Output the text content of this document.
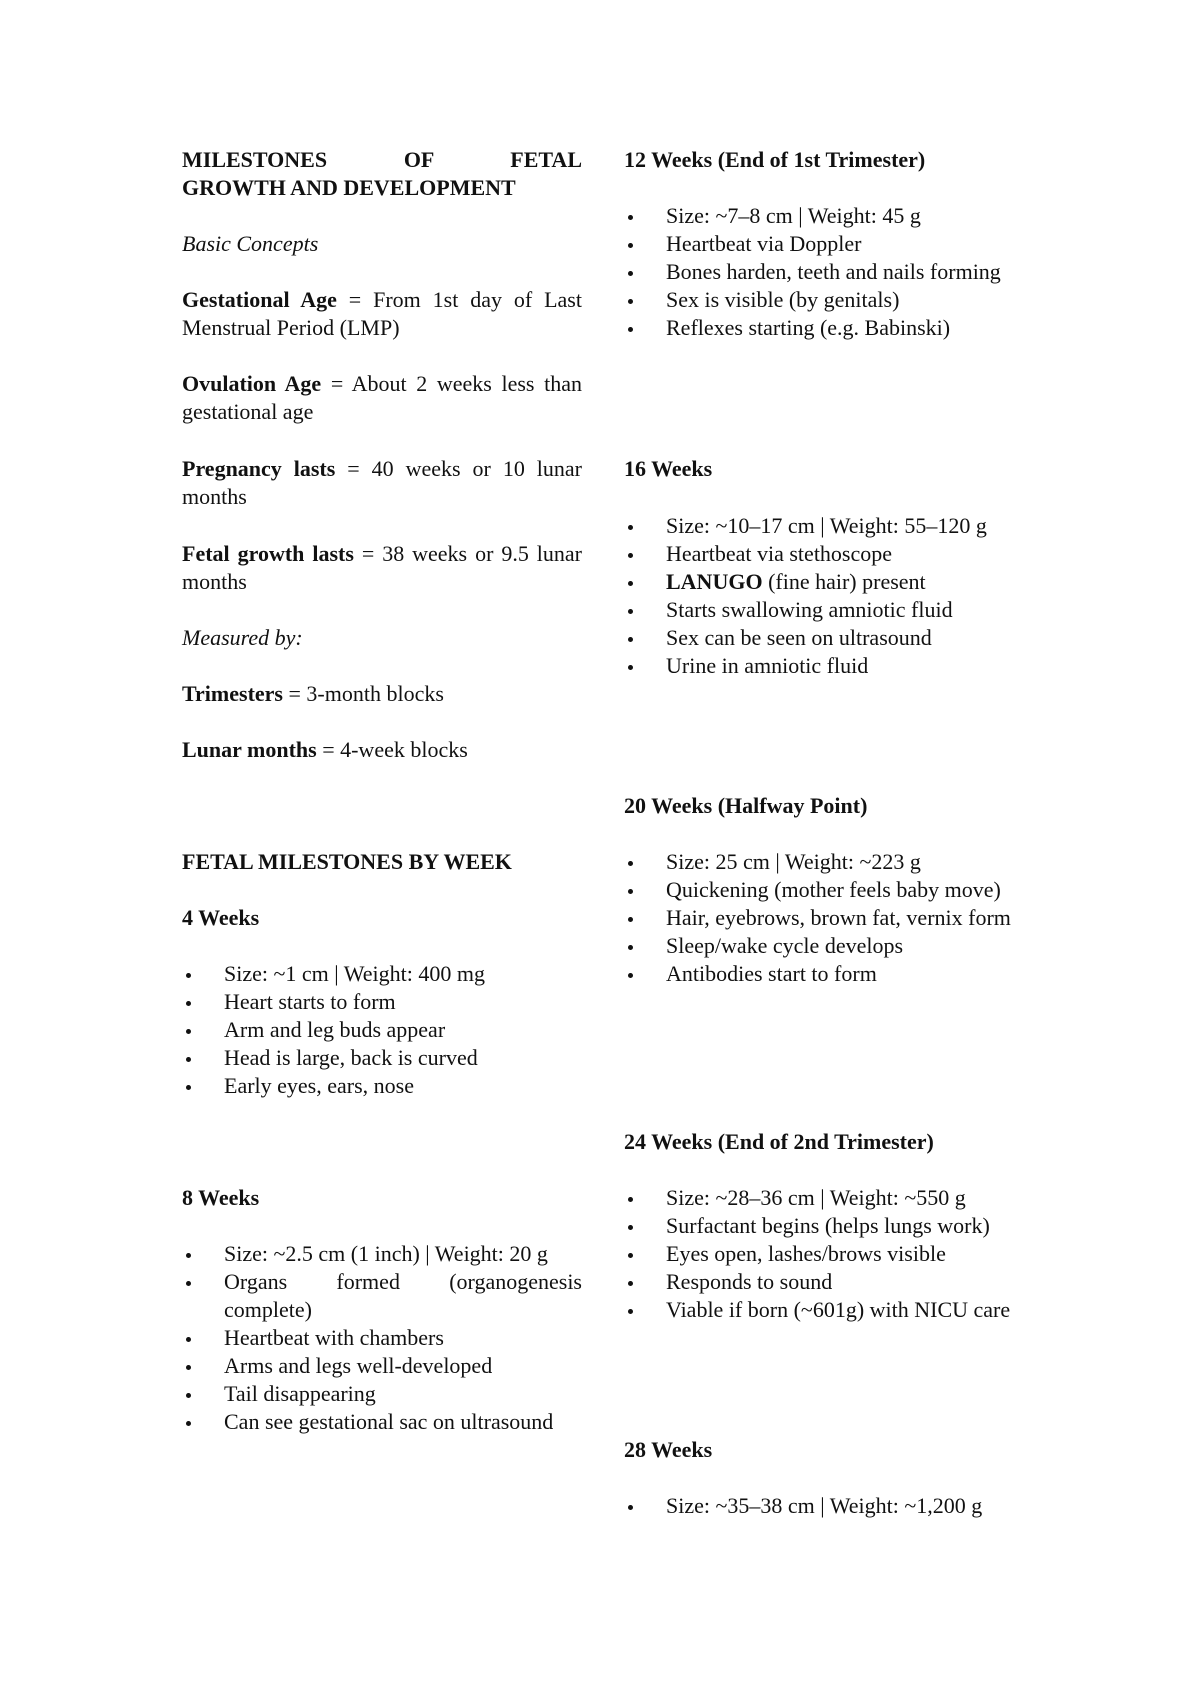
MILESTONES OF FETAL
GROWTH AND DEVELOPMENT

Basic Concepts

Gestational Age = From 1st day of Last Menstrual Period (LMP)

Ovulation Age = About 2 weeks less than gestational age

Pregnancy lasts = 40 weeks or 10 lunar months

Fetal growth lasts = 38 weeks or 9.5 lunar months

Measured by:

Trimesters = 3-month blocks

Lunar months = 4-week blocks

FETAL MILESTONES BY WEEK

4 Weeks

Size: ~1 cm | Weight: 400 mg
Heart starts to form
Arm and leg buds appear
Head is large, back is curved
Early eyes, ears, nose

8 Weeks

Size: ~2.5 cm (1 inch) | Weight: 20 g
Organs formed (organogenesis complete)
Heartbeat with chambers
Arms and legs well-developed
Tail disappearing
Can see gestational sac on ultrasound

12 Weeks (End of 1st Trimester)

Size: ~7–8 cm | Weight: 45 g
Heartbeat via Doppler
Bones harden, teeth and nails forming
Sex is visible (by genitals)
Reflexes starting (e.g. Babinski)

16 Weeks

Size: ~10–17 cm | Weight: 55–120 g
Heartbeat via stethoscope
LANUGO (fine hair) present
Starts swallowing amniotic fluid
Sex can be seen on ultrasound
Urine in amniotic fluid

20 Weeks (Halfway Point)

Size: 25 cm | Weight: ~223 g
Quickening (mother feels baby move)
Hair, eyebrows, brown fat, vernix form
Sleep/wake cycle develops
Antibodies start to form

24 Weeks (End of 2nd Trimester)

Size: ~28–36 cm | Weight: ~550 g
Surfactant begins (helps lungs work)
Eyes open, lashes/brows visible
Responds to sound
Viable if born (~601g) with NICU care

28 Weeks

Size: ~35–38 cm | Weight: ~1,200 g
